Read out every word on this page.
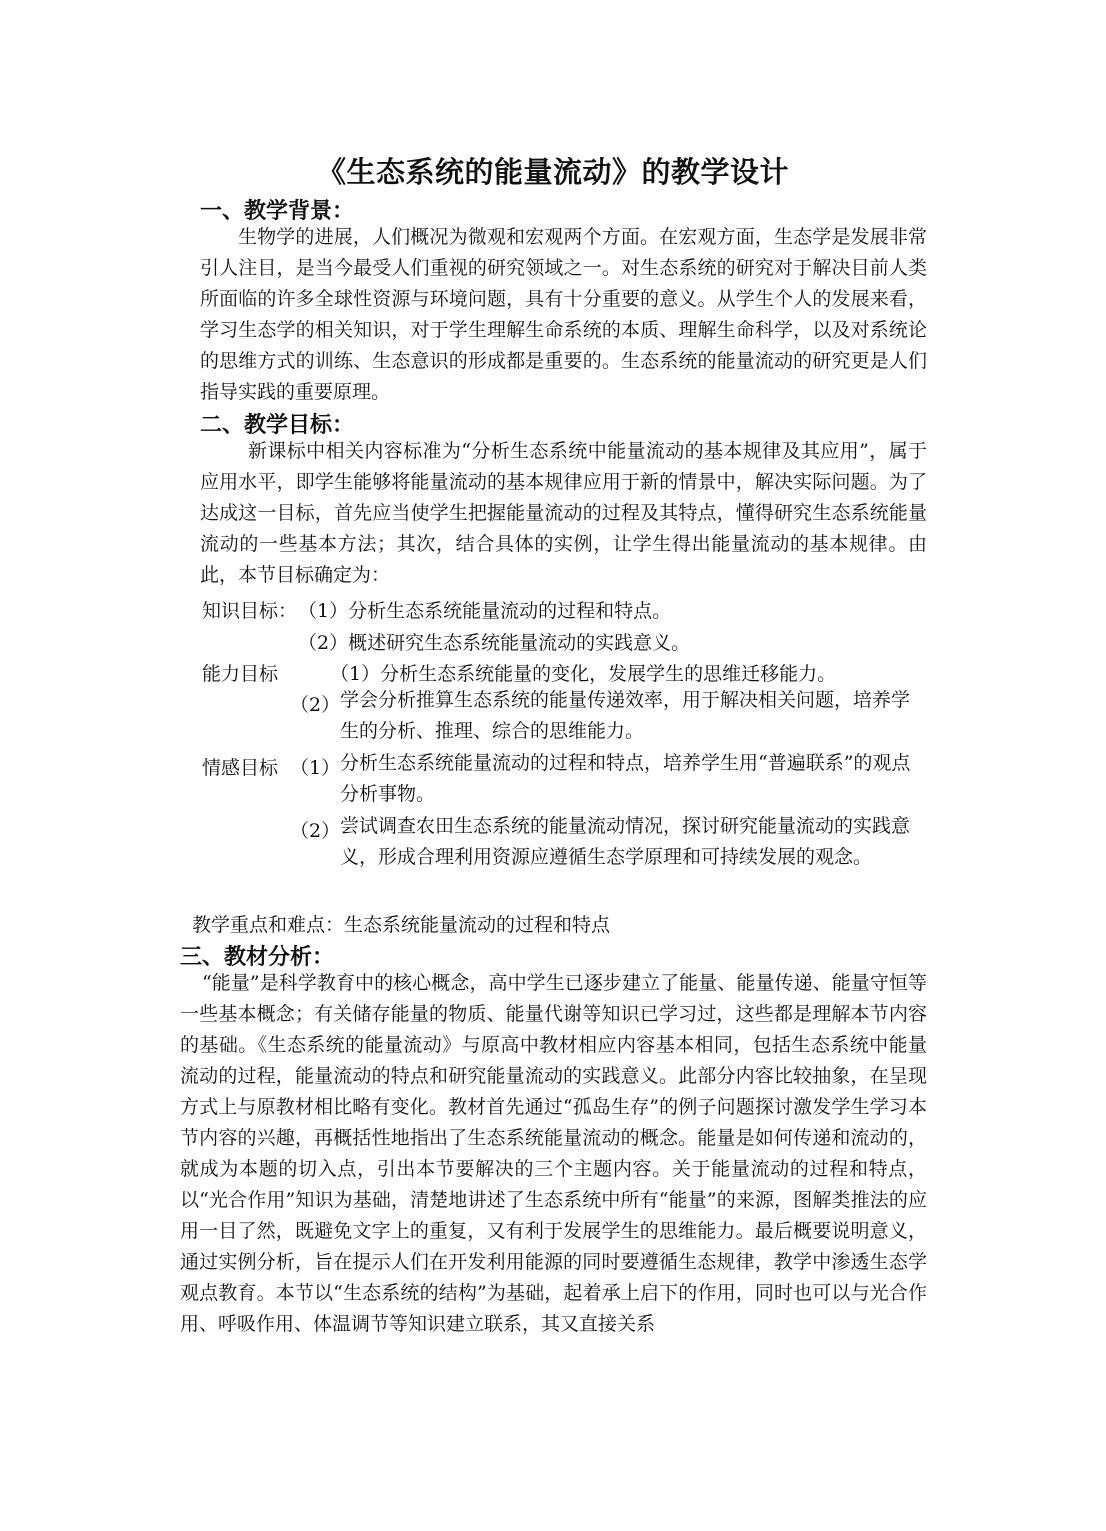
《生态系统的能量流动》的教学设计
一、教学背景：
生物学的进展，人们概况为微观和宏观两个方面。在宏观方面，生态学是发展非常引人注目，是当今最受人们重视的研究领域之一。对生态系统的研究对于解决目前人类所面临的许多全球性资源与环境问题，具有十分重要的意义。从学生个人的发展来看，学习生态学的相关知识，对于学生理解生命系统的本质、理解生命科学，以及对系统论的思维方式的训练、生态意识的形成都是重要的。生态系统的能量流动的研究更是人们指导实践的重要原理。
二、教学目标：
新课标中相关内容标准为“分析生态系统中能量流动的基本规律及其应用”，属于应用水平，即学生能够将能量流动的基本规律应用于新的情景中，解决实际问题。为了达成这一目标，首先应当使学生把握能量流动的过程及其特点，懂得研究生态系统能量流动的一些基本方法；其次，结合具体的实例，让学生得出能量流动的基本规律。由此，本节目标确定为：
知识目标： （1）分析生态系统能量流动的过程和特点。
（2）概述研究生态系统能量流动的实践意义。
能力目标	（1）分析生态系统能量的变化，发展学生的思维迁移能力。
（2） 学会分析推算生态系统的能量传递效率，用于解决相关问题，培养学生的分析、推理、综合的思维能力。
情感目标 （1） 分析生态系统能量流动的过程和特点，培养学生用“普遍联系”的观点分析事物。
（2） 尝试调查农田生态系统的能量流动情况，探讨研究能量流动的实践意义，形成合理利用资源应遵循生态学原理和可持续发展的观念。
教学重点和难点：生态系统能量流动的过程和特点
三、教材分析：
“能量”是科学教育中的核心概念，高中学生已逐步建立了能量、能量传递、能量守恒等一些基本概念；有关储存能量的物质、能量代谢等知识已学习过，这些都是理解本节内容的基础。《生态系统的能量流动》与原高中教材相应内容基本相同，包括生态系统中能量流动的过程，能量流动的特点和研究能量流动的实践意义。此部分内容比较抽象，在呈现方式上与原教材相比略有变化。教材首先通过“孤岛生存”的例子问题探讨激发学生学习本节内容的兴趣，再概括性地指出了生态系统能量流动的概念。能量是如何传递和流动的，就成为本题的切入点，引出本节要解决的三个主题内容。关于能量流动的过程和特点，以“光合作用”知识为基础，清楚地讲述了生态系统中所有“能量”的来源，图解类推法的应用一目了然，既避免文字上的重复，又有利于发展学生的思维能力。最后概要说明意义，通过实例分析，旨在提示人们在开发利用能源的同时要遵循生态规律，教学中渗透生态学观点教育。本节以“生态系统的结构”为基础，起着承上启下的作用，同时也可以与光合作用、呼吸作用、体温调节等知识建立联系，其又直接关系
